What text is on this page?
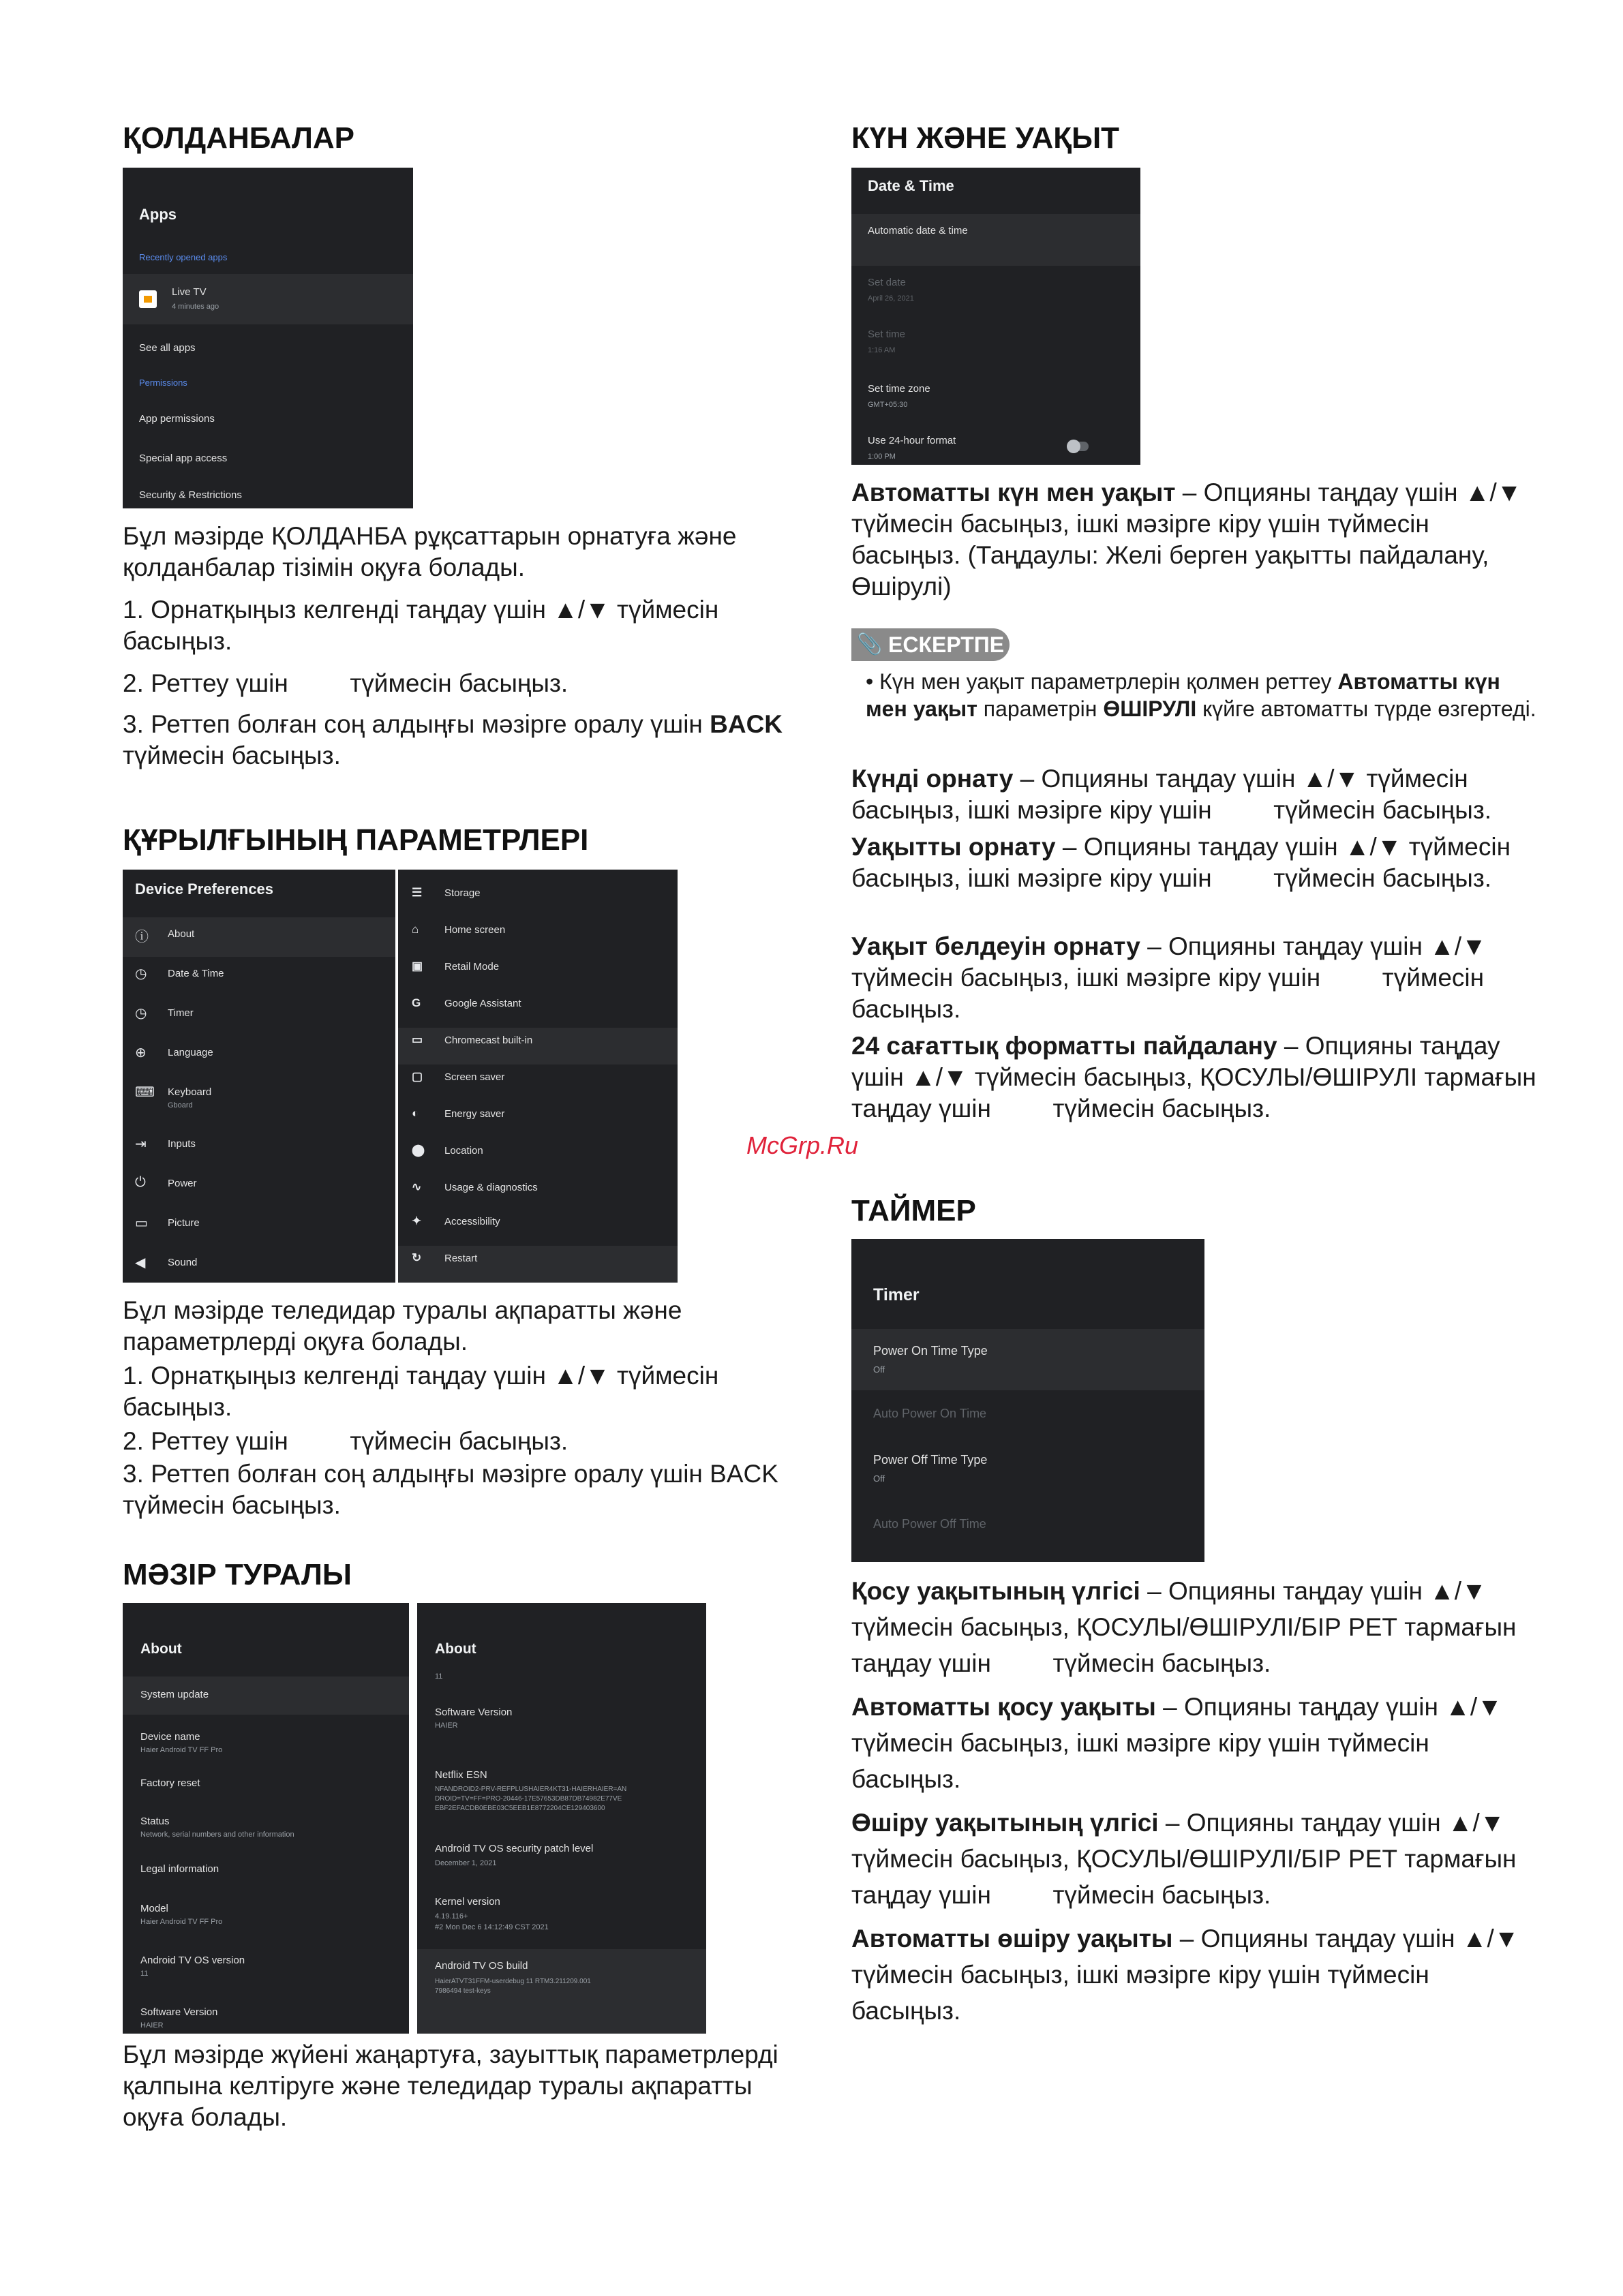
ҚОЛДАНБАЛАР
Apps
Recently opened apps
Live TV
4 minutes ago
See all apps
Permissions
App permissions
Special app access
Security & Restrictions

Бұл мәзірде ҚОЛДАНБА рұқсаттарын орнатуға және қолданбалар тізімін оқуға болады.

1. Орнатқыңыз келгенді таңдау үшін ▲/▼ түймесін басыңыз.

2. Реттеу үшін түймесін басыңыз.

3. Реттеп болған соң алдыңғы мәзірге оралу үшін BACK түймесін басыңыз.

ҚҰРЫЛҒЫНЫҢ ПАРАМЕТРЛЕРІ
Device Preferences
ⓘ About
◷ Date & Time
◷ Timer
⊕ Language
⌨ Keyboard
Gboard
⇥ Inputs
⏻ Power
▭ Picture
◀ Sound
☰ Storage
⌂	Home screen
▣ Retail Mode
G Google Assistant
▭ Chromecast built-in
▢ Screen saver
◐	Energy saver
⬤ Location
∿ Usage & diagnostics
✦ Accessibility
↻ Restart

Бұл мәзірде теледидар туралы ақпаратты және параметрлерді оқуға болады.

1. Орнатқыңыз келгенді таңдау үшін ▲/▼ түймесін басыңыз.

2. Реттеу үшін түймесін басыңыз.

3. Реттеп болған соң алдыңғы мәзірге оралу үшін BACK түймесін басыңыз.

МӘЗІР ТУРАЛЫ
About
System update
Device name
Haier Android TV FF Pro
Factory reset
Status
Network, serial numbers and other information
Legal information
Model
Haier Android TV FF Pro
Android TV OS version
11
Software Version
HAIER
About
11
Software Version
HAIER
Netflix ESN
NFANDROID2-PRV-REFPLUSHAIER4KT31-HAIERHAIER=AN
DROID=TV=FF=PRO-20446-17E57653DB87DB74982E77VE
EBF2EFACDB0EBE03C5EEB1E8772204CE129403600
Android TV OS security patch level
December 1, 2021
Kernel version
4.19.116+
#2 Mon Dec 6 14:12:49 CST 2021
Android TV OS build
HaierATVT31FFM-userdebug 11 RTM3.211209.001
7986494 test-keys

Бұл мәзірде жүйені жаңартуға, зауыттық параметрлерді қалпына келтіруге және теледидар туралы ақпаратты оқуға болады.

КҮН ЖӘНЕ УАҚЫТ
Date & Time
Automatic date & time
Set date
April 26, 2021
Set time
1:16 AM
Set time zone
GMT+05:30
Use 24-hour format
1:00 PM

Автоматты күн мен уақыт – Опцияны таңдау үшін ▲/▼ түймесін басыңыз, ішкі мәзірге кіру үшін түймесін басыңыз. (Таңдаулы: Желі берген уақытты пайдалану, Өшірулі)

📎 ЕСКЕРТПЕ
• Күн мен уақыт параметрлерін қолмен реттеу Автоматты күн мен уақыт параметрін ӨШІРУЛІ күйге автоматты түрде өзгертеді.

Күнді орнату – Опцияны таңдау үшін ▲/▼ түймесін басыңыз, ішкі мәзірге кіру үшін түймесін басыңыз.

Уақытты орнату – Опцияны таңдау үшін ▲/▼ түймесін басыңыз, ішкі мәзірге кіру үшін түймесін басыңыз.

Уақыт белдеуін орнату – Опцияны таңдау үшін ▲/▼ түймесін басыңыз, ішкі мәзірге кіру үшін түймесін басыңыз.

24 сағаттық форматты пайдалану – Опцияны таңдау үшін ▲/▼ түймесін басыңыз, ҚОСУЛЫ/ӨШІРУЛІ тармағын таңдау үшін түймесін басыңыз.

McGrp.Ru
ТАЙМЕР
Timer
Power On Time Type
Off
Auto Power On Time
Power Off Time Type
Off
Auto Power Off Time

Қосу уақытының үлгісі – Опцияны таңдау үшін ▲/▼ түймесін басыңыз, ҚОСУЛЫ/ӨШІРУЛІ/БІР РЕТ тармағын таңдау үшін түймесін басыңыз.

Автоматты қосу уақыты – Опцияны таңдау үшін ▲/▼ түймесін басыңыз, ішкі мәзірге кіру үшін түймесін басыңыз.

Өшіру уақытының үлгісі – Опцияны таңдау үшін ▲/▼ түймесін басыңыз, ҚОСУЛЫ/ӨШІРУЛІ/БІР РЕТ тармағын таңдау үшін түймесін басыңыз.

Автоматты өшіру уақыты – Опцияны таңдау үшін ▲/▼ түймесін басыңыз, ішкі мәзірге кіру үшін түймесін басыңыз.
